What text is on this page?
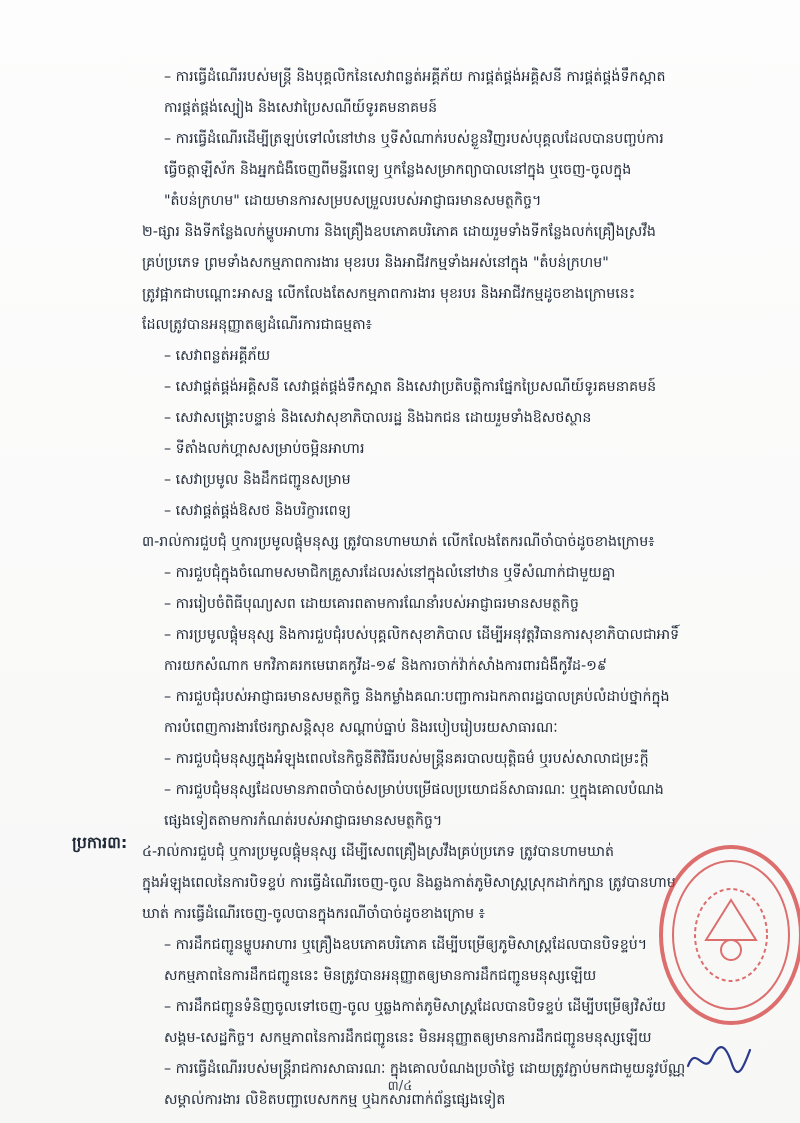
– ការធ្វើដំណើររបស់មន្ត្រី និងបុគ្គលិកនៃសេវាពន្លត់អគ្គីភ័យ ការផ្គត់ផ្គង់អគ្គិសនី ការផ្គត់ផ្គង់ទឹកស្អាត

ការផ្គត់ផ្គង់ស្បៀង និងសេវាប្រៃសណីយ៍ទូរគមនាគមន៍

– ការធ្វើដំណើរដើម្បីត្រឡប់ទៅលំនៅឋាន ឬទីសំណាក់របស់ខ្លួនវិញរបស់បុគ្គលដែលបានបញ្ចប់ការ

ធ្វើចត្តាឡីស័ក និងអ្នកជំងឺចេញពីមន្ទីរពេទ្យ ឬកន្លែងសម្រាកព្យាបាលនៅក្នុង ឬចេញ-ចូលក្នុង

"តំបន់ក្រហម" ដោយមានការសម្របសម្រួលរបស់អាជ្ញាធរមានសមត្ថកិច្ច។

២-ផ្សារ និងទីកន្លែងលក់ម្ហូបអាហារ និងគ្រឿងឧបភោគបរិភោគ ដោយរួមទាំងទីកន្លែងលក់គ្រឿងស្រវឹង

គ្រប់ប្រភេទ ព្រមទាំងសកម្មភាពការងារ មុខរបរ និងអាជីវកម្មទាំងអស់នៅក្នុង "តំបន់ក្រហម"

ត្រូវផ្អាកជាបណ្ដោះអាសន្ន លើកលែងតែសកម្មភាពការងារ មុខរបរ និងអាជីវកម្មដូចខាងក្រោមនេះ

ដែលត្រូវបានអនុញ្ញាតឲ្យដំណើរការជាធម្មតា៖

– សេវាពន្លត់អគ្គីភ័យ

– សេវាផ្គត់ផ្គង់អគ្គិសនី សេវាផ្គត់ផ្គង់ទឹកស្អាត និងសេវាប្រតិបត្តិការផ្នែកប្រៃសណីយ៍ទូរគមនាគមន៍

– សេវាសង្គ្រោះបន្ទាន់ និងសេវាសុខាភិបាលរដ្ឋ និងឯកជន ដោយរួមទាំងឱសថស្ថាន

– ទីតាំងលក់ហ្គាសសម្រាប់ចម្អិនអាហារ

– សេវាប្រមូល និងដឹកជញ្ជូនសម្រាម

– សេវាផ្គត់ផ្គង់ឱសថ និងបរិក្ខារពេទ្យ

៣-រាល់ការជួបជុំ ឬការប្រមូលផ្ដុំមនុស្ស ត្រូវបានហាមឃាត់ លើកលែងតែករណីចាំបាច់ដូចខាងក្រោម៖

– ការជួបជុំក្នុងចំណោមសមាជិកគ្រួសារដែលរស់នៅក្នុងលំនៅឋាន ឬទីសំណាក់ជាមួយគ្នា

– ការរៀបចំពិធីបុណ្យសព ដោយគោរពតាមការណែនាំរបស់អាជ្ញាធរមានសមត្ថកិច្ច

– ការប្រមូលផ្ដុំមនុស្ស និងការជួបជុំរបស់បុគ្គលិកសុខាភិបាល ដើម្បីអនុវត្តវិធានការសុខាភិបាលជាអាទិ៍

ការយកសំណាក មកវិភាគរកមេរោគកូវីដ-១៩ និងការចាក់វ៉ាក់សាំងការពារជំងឺកូវីដ-១៩

– ការជួបជុំរបស់អាជ្ញាធរមានសមត្ថកិច្ច និងកម្លាំងគណៈបញ្ជាការឯកភាពរដ្ឋបាលគ្រប់លំដាប់ថ្នាក់ក្នុង

ការបំពេញការងារថែរក្សាសន្តិសុខ សណ្ដាប់ធ្នាប់ និងរបៀបរៀបរយសាធារណៈ

– ការជួបជុំមនុស្សក្នុងអំឡុងពេលនៃកិច្ចនីតិវិធីរបស់មន្ត្រីនគរបាលយុត្តិធម៌ ឬរបស់សាលាជម្រះក្ដី

– ការជួបជុំមនុស្សដែលមានភាពចាំបាច់សម្រាប់បម្រើផលប្រយោជន៍សាធារណៈ ឬក្នុងគោលបំណង

ផ្សេងទៀតតាមការកំណត់របស់អាជ្ញាធរមានសមត្ថកិច្ច។

៤-រាល់ការជួបជុំ ឬការប្រមូលផ្ដុំមនុស្ស ដើម្បីសេពគ្រឿងស្រវឹងគ្រប់ប្រភេទ ត្រូវបានហាមឃាត់

ក្នុងអំឡុងពេលនៃការបិទខ្ទប់ ការធ្វើដំណើរចេញ-ចូល និងឆ្លងកាត់ភូមិសាស្ត្រស្រុកដាក់ក្បាន ត្រូវបានហាម

ឃាត់ ការធ្វើដំណើរចេញ-ចូលបានក្នុងករណីចាំបាច់ដូចខាងក្រោម ៖

– ការដឹកជញ្ជូនម្ហូបអាហារ ឬគ្រឿងឧបភោគបរិភោគ ដើម្បីបម្រើឲ្យភូមិសាស្ត្រដែលបានបិទខ្ទប់។

សកម្មភាពនៃការដឹកជញ្ជូននេះ មិនត្រូវបានអនុញ្ញាតឲ្យមានការដឹកជញ្ជូនមនុស្សឡើយ

– ការដឹកជញ្ជូនទំនិញចូលទៅចេញ-ចូល ឬឆ្លងកាត់ភូមិសាស្ត្រដែលបានបិទខ្ទប់ ដើម្បីបម្រើឲ្យវិស័យ

សង្គម-សេដ្ឋកិច្ច។ សកម្មភាពនៃការដឹកជញ្ជូននេះ មិនអនុញ្ញាតឲ្យមានការដឹកជញ្ជូនមនុស្សឡើយ

– ការធ្វើដំណើររបស់មន្ត្រីរាជការសាធារណៈ ក្នុងគោលបំណងប្រចាំថ្ងៃ ដោយត្រូវភ្ជាប់មកជាមួយនូវប័ណ្ណ

សម្គាល់ការងារ លិខិតបញ្ជាបេសកកម្ម ឬឯកសារពាក់ព័ន្ធផ្សេងទៀត

ប្រការ៣:
៣/៤
